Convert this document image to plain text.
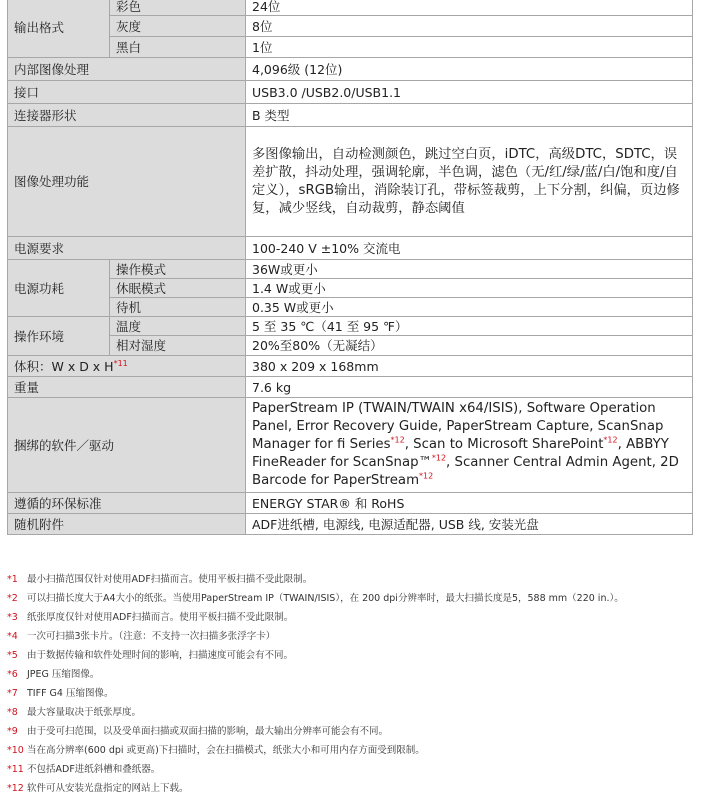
输出格式	彩色	24位
	灰度	8位
	黑白	1位
内部图像处理		4,096级 (12位)
接口		USB3.0 /USB2.0/USB1.1
连接器形状		B 类型
图像处理功能		多图像输出，自动检测颜色，跳过空白页，iDTC，高级DTC，SDTC，误差扩散，抖动处理，强调轮廓，半色调，滤色（无/红/绿/蓝/白/饱和度/自定义），sRGB输出，消除装订孔，带标签裁剪，上下分割，纠偏，页边修复，减少竖线，自动裁剪，静态阈值
电源要求		100-240 V ±10% 交流电
电源功耗	操作模式	36W或更小
	休眠模式	1.4 W或更小
	待机	0.35 W或更小
操作环境	温度	5 至 35 ℃（41 至 95 ℉）
	相对湿度	20%至80%（无凝结）
体积：W x D x $H^{*11}$		380 x 209 x 168mm
重量		7.6 kg
捆绑的软件／驱动		PaperStream IP (TWAIN/TWAIN x64/ISIS), Software Operation Panel, Error Recovery Guide, PaperStream Capture, ScanSnap Manager for fi Series$^{*12}$, Scan to Microsoft SharePoint$^{*12}$, ABBYY FineReader for ScanSnap™$^{*12}$, Scanner Central Admin Agent, 2D Barcode for PaperStream$^{*12}$
遵循的环保标准		ENERGY STAR® 和 RoHS
随机附件		ADF进纸槽, 电源线, 电源适配器, USB 线, 安装光盘
*1 最小扫描范围仅针对使用ADF扫描而言。使用平板扫描不受此限制。
*2 可以扫描长度大于A4大小的纸张。当使用PaperStream IP（TWAIN/ISIS），在 200 dpi分辨率时，最大扫描长度是5，588 mm（220 in.）。
*3 纸张厚度仅针对使用ADF扫描而言。使用平板扫描不受此限制。
*4 一次可扫描3张卡片。（注意：不支持一次扫描多张浮字卡）
*5 由于数据传输和软件处理时间的影响，扫描速度可能会有不同。
*6 JPEG 压缩图像。
*7 TIFF G4 压缩图像。
*8 最大容量取决于纸张厚度。
*9 由于受可扫范围，以及受单面扫描或双面扫描的影响，最大输出分辨率可能会有不同。
*10 当在高分辨率(600 dpi 或更高)下扫描时，会在扫描模式，纸张大小和可用内存方面受到限制。
*11 不包括ADF进纸斜槽和叠纸器。
*12 软件可从安装光盘指定的网站上下载。
